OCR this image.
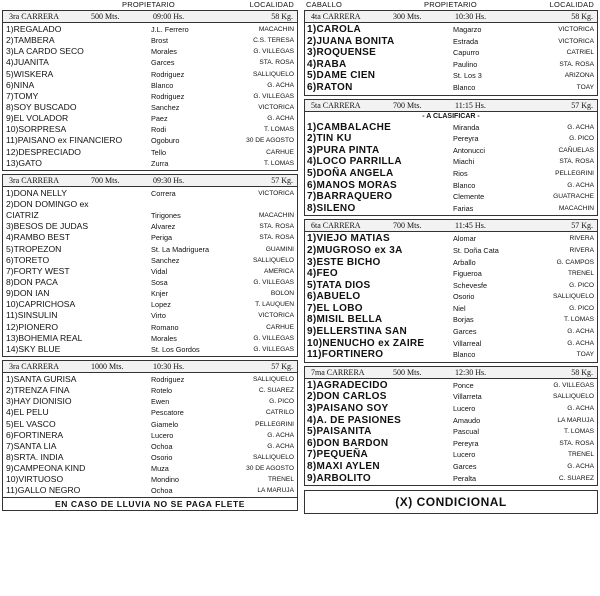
PROPIETARIO	LOCALIDAD
3ra CARRERA	500 Mts.	09:00 Hs.	58 Kg.
1)REGALADO	J.L. Ferrero	MACACHIN
2)TAMBERA	Brost	C.S. TERESA
3)LA CARDO SECO	Morales	G. VILLEGAS
4)JUANITA	Garces	STA. ROSA
5)WISKERA	Rodriguez	SALLIQUELO
6)NINA	Blanco	G. ACHA
7)TOMY	Rodriguez	G. VILLEGAS
8)SOY BUSCADO	Sanchez	VICTORICA
9)EL VOLADOR	Paez	G. ACHA
10)SORPRESA	Rodi	T. LOMAS
11)PAISANO ex FINANCIERO	Ogoburo	30 DE AGOSTO
12)DESPRECIADO	Tello	CARHUE
13)GATO	Zurra	T. LOMAS
3ra CARRERA	700 Mts.	09:30 Hs.	57 Kg.
1)DONA NELLY	Correra	VICTORICA
2)DON DOMINGO ex
CIATRIZ	Tirigones	MACACHIN
3)BESOS DE JUDAS	Alvarez	STA. ROSA
4)RAMBO BEST	Periga	STA. ROSA
5)TROPEZON	St. La Madriguera	GUAMINI
6)TORETO	Sanchez	SALLIQUELO
7)FORTY WEST	Vidal	AMERICA
8)DON PACA	Sosa	G. VILLEGAS
9)DON IAN	Knjer	BOLON
10)CAPRICHOSA	Lopez	T. LAUQUEN
11)SINSULIN	Virto	VICTORICA
12)PIONERO	Romano	CARHUE
13)BOHEMIA REAL	Morales	G. VILLEGAS
14)SKY BLUE	St. Los Gordos	G. VILLEGAS
3ra CARRERA	1000 Mts.	10:30 Hs.	57 Kg.
1)SANTA GURISA	Rodriguez	SALLIQUELO
2)TRENZA FINA	Rotelo	C. SUAREZ
3)HAY DIONISIO	Ewen	G. PICO
4)EL PELU	Pescatore	CATRILO
5)EL VASCO	Giamelo	PELLEGRINI
6)FORTINERA	Lucero	G. ACHA
7)SANTA LIA	Ochoa	G. ACHA
8)SRTA. INDIA	Osorio	SALLIQUELO
9)CAMPEONA KIND	Muza	30 DE AGOSTO
10)VIRTUOSO	Mondino	TRENEL
11)GALLO NEGRO	Ochoa	LA MARUJA
EN CASO DE LLUVIA NO SE PAGA FLETE
CABALLO	PROPIETARIO	LOCALIDAD
4ta CARRERA	300 Mts.	10:30 Hs.	58 Kg.
1)CAROLA	Magarzo	VICTORICA
2)JUANA BONITA	Estrada	VICTORICA
3)ROQUENSE	Capurro	CATRIEL
4)RABA	Paulino	STA. ROSA
5)DAME CIEN	St. Los 3	ARIZONA
6)RATON	Blanco	TOAY
5ta CARRERA	700 Mts.	11:15 Hs.	57 Kg.
- A CLASIFICAR -
1)CAMBALACHE	Miranda	G. ACHA
2)TIN KU	Pereyra	G. PICO
3)PURA PINTA	Antonucci	CAÑUELAS
4)LOCO PARRILLA	Miachi	STA. ROSA
5)DOÑA ANGELA	Rios	PELLEGRINI
6)MANOS MORAS	Blanco	G. ACHA
7)BARRAQUERO	Clemente	GUATRACHE
8)SILENO	Farias	MACACHIN
6ta CARRERA	700 Mts.	11:45 Hs.	57 Kg.
1)VIEJO MATIAS	Alomar	RIVERA
2)MUGROSO ex 3A	St. Doña Cata	RIVERA
3)ESTE BICHO	Arballo	G. CAMPOS
4)FEO	Figueroa	TRENEL
5)TATA DIOS	Schevesfe	G. PICO
6)ABUELO	Osorio	SALLIQUELO
7)EL LOBO	Niel	G. PICO
8)MISIL BELLA	Borjas	T. LOMAS
9)ELLERSTINA SAN	Garces	G. ACHA
10)NENUCHO ex ZAIRE	Villarreal	G. ACHA
11)FORTINERO	Blanco	TOAY
7ma CARRERA	500 Mts.	12:30 Hs.	58 Kg.
1)AGRADECIDO	Ponce	G. VILLEGAS
2)DON CARLOS	Villarreta	SALLIQUELO
3)PAISANO SOY	Lucero	G. ACHA
4)A. DE PASIONES	Amaudo	LA MARUJA
5)PAISANITA	Pascual	T. LOMAS
6)DON BARDON	Pereyra	STA. ROSA
7)PEQUEÑA	Lucero	TRENEL
8)MAXI AYLEN	Garces	G. ACHA
9)ARBOLITO	Peralta	C. SUAREZ
(X) CONDICIONAL
